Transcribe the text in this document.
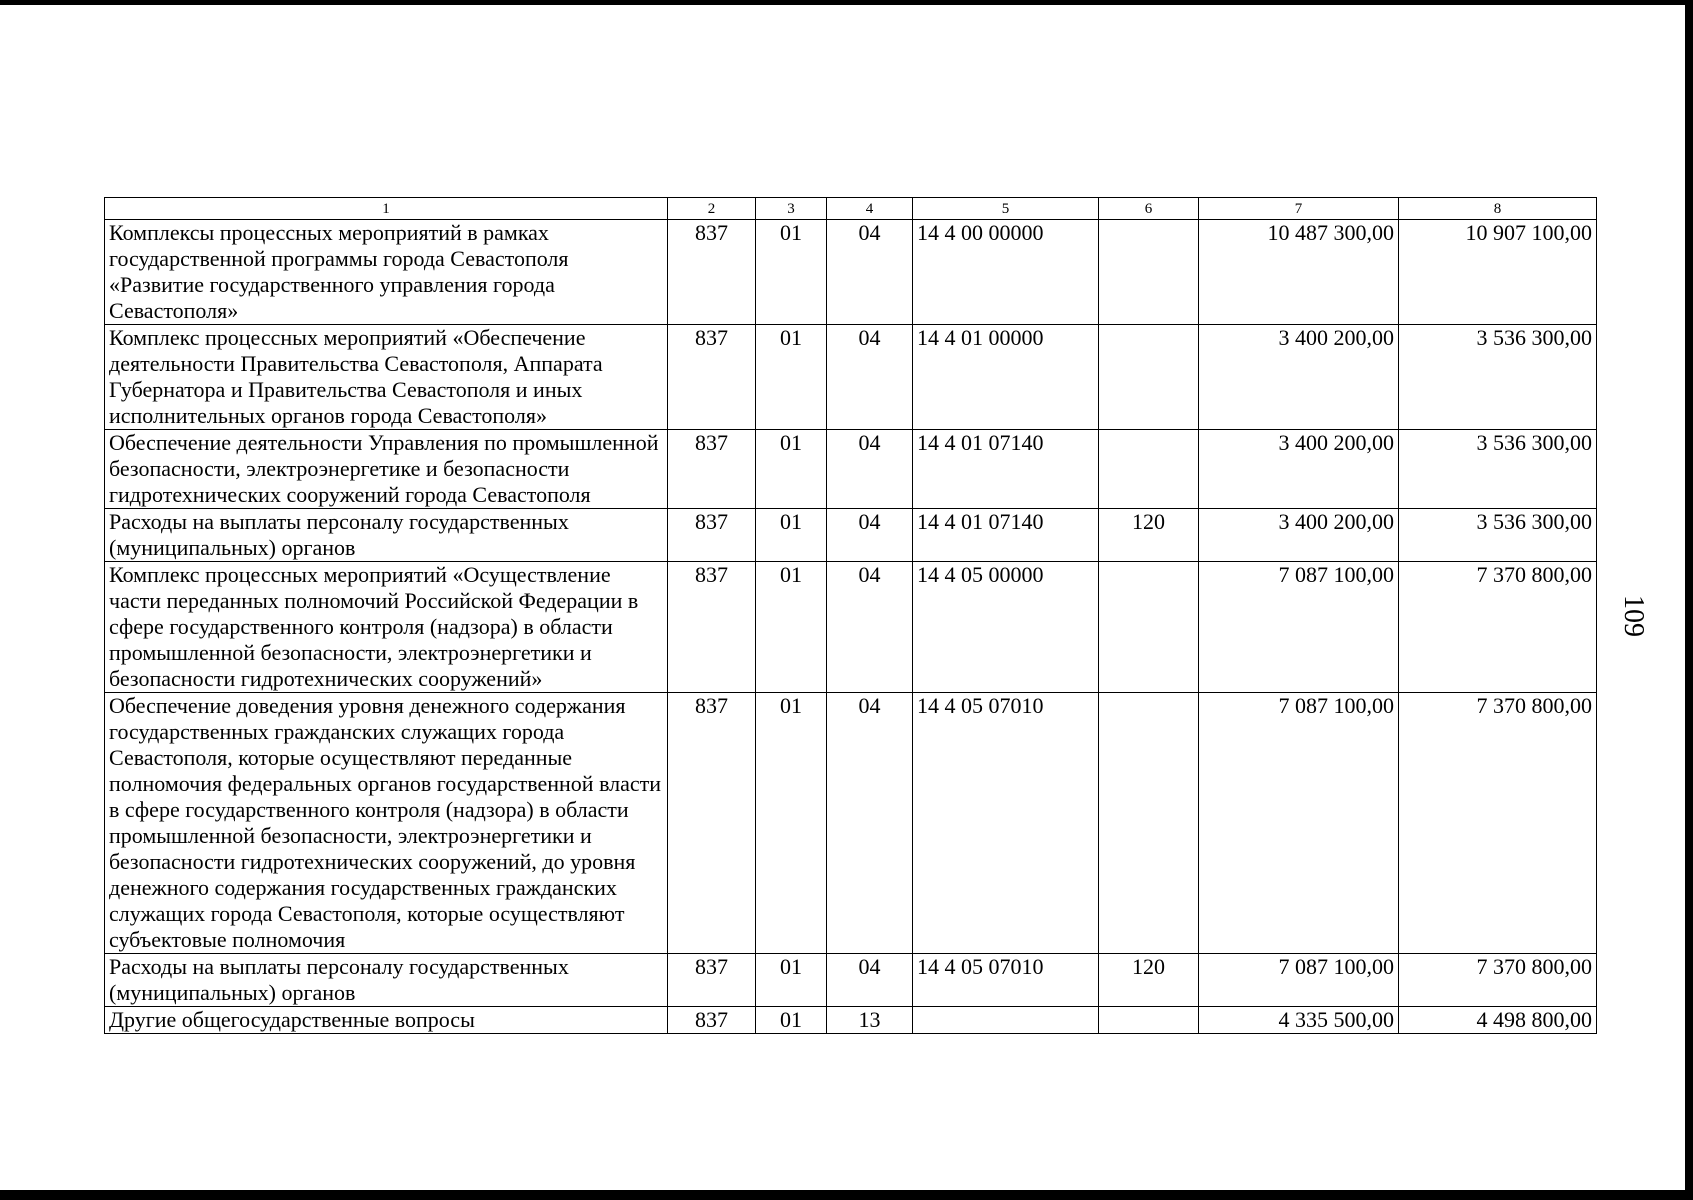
109
1	2	3	4	5	6	7	8
Комплексы процессных мероприятий в рамках государственной программы города Севастополя «Развитие государственного управления города Севастополя»	837	01	04	14 4 00 00000		10 487 300,00	10 907 100,00
Комплекс процессных мероприятий «Обеспечение деятельности Правительства Севастополя, Аппарата Губернатора и Правительства Севастополя и иных исполнительных органов города Севастополя»	837	01	04	14 4 01 00000		3 400 200,00	3 536 300,00
Обеспечение деятельности Управления по промышленной безопасности, электроэнергетике и безопасности гидротехнических сооружений города Севастополя	837	01	04	14 4 01 07140		3 400 200,00	3 536 300,00
Расходы на выплаты персоналу государственных (муниципальных) органов	837	01	04	14 4 01 07140	120	3 400 200,00	3 536 300,00
Комплекс процессных мероприятий «Осуществление части переданных полномочий Российской Федерации в сфере государственного контроля (надзора) в области промышленной безопасности, электроэнергетики и безопасности гидротехнических сооружений»	837	01	04	14 4 05 00000		7 087 100,00	7 370 800,00
Обеспечение доведения уровня денежного содержания государственных гражданских служащих города Севастополя, которые осуществляют переданные полномочия федеральных органов государственной власти в сфере государственного контроля (надзора) в области промышленной безопасности, электроэнергетики и безопасности гидротехнических сооружений, до уровня денежного содержания государственных гражданских служащих города Севастополя, которые осуществляют субъектовые полномочия	837	01	04	14 4 05 07010		7 087 100,00	7 370 800,00
Расходы на выплаты персоналу государственных (муниципальных) органов	837	01	04	14 4 05 07010	120	7 087 100,00	7 370 800,00
Другие общегосударственные вопросы	837	01	13			4 335 500,00	4 498 800,00
